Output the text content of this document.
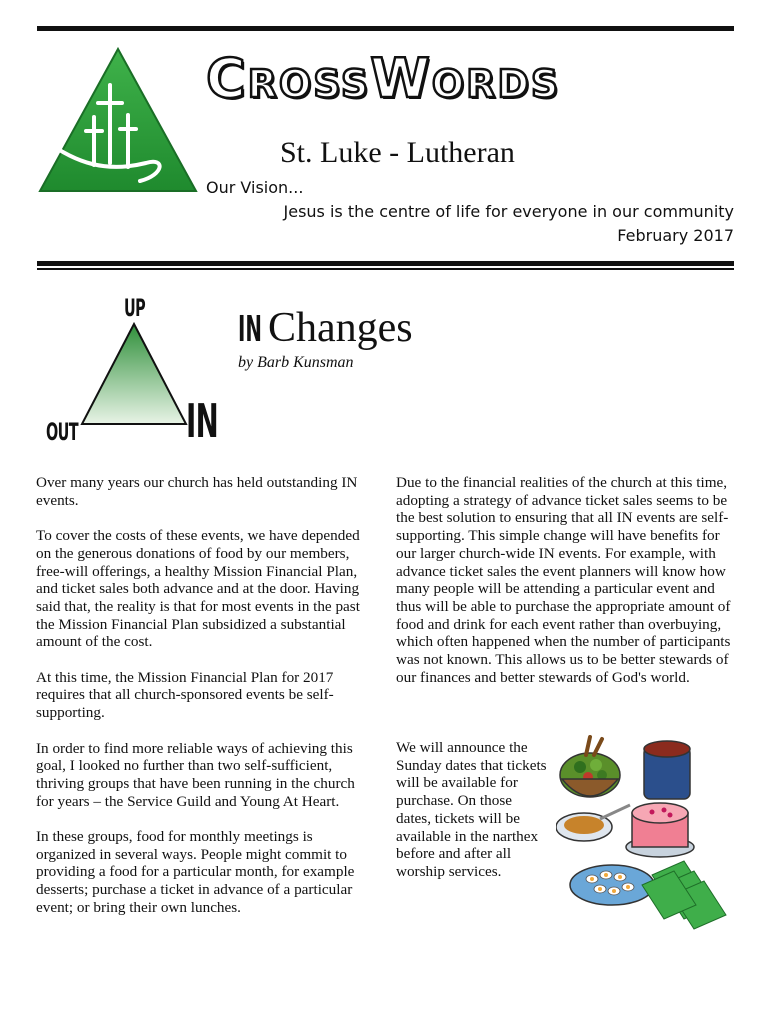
CrossWords
St. Luke - Lutheran
Our Vision...
Jesus is the centre of life for everyone in our community
February 2017
UP
OUT IN
IN Changes
by Barb Kunsman

Over many years our church has held outstanding IN events.

To cover the costs of these events, we have depended on the generous donations of food by our members, free-will offerings, a healthy Mission Financial Plan, and ticket sales both advance and at the door. Having said that, the reality is that for most events in the past the Mission Financial Plan subsidized a substantial amount of the cost.

At this time, the Mission Financial Plan for 2017 requires that all church-sponsored events be self-supporting.

In order to find more reliable ways of achieving this goal, I looked no further than two self-sufficient, thriving groups that have been running in the church for years – the Service Guild and Young At Heart.

In these groups, food for monthly meetings is organized in several ways. People might commit to providing a food for a particular month, for example desserts; purchase a ticket in advance of a particular event; or bring their own lunches.

Due to the financial realities of the church at this time, adopting a strategy of advance ticket sales seems to be the best solution to ensuring that all IN events are self-supporting. This simple change will have benefits for our larger church-wide IN events. For example, with advance ticket sales the event planners will know how many people will be attending a particular event and thus will be able to purchase the appropriate amount of food and drink for each event rather than overbuying, which often happened when the number of participants was not known. This allows us to be better stewards of our finances and better stewards of God's world.

We will announce the Sunday dates that tickets will be available for purchase. On those dates, tickets will be available in the narthex before and after all worship services.
